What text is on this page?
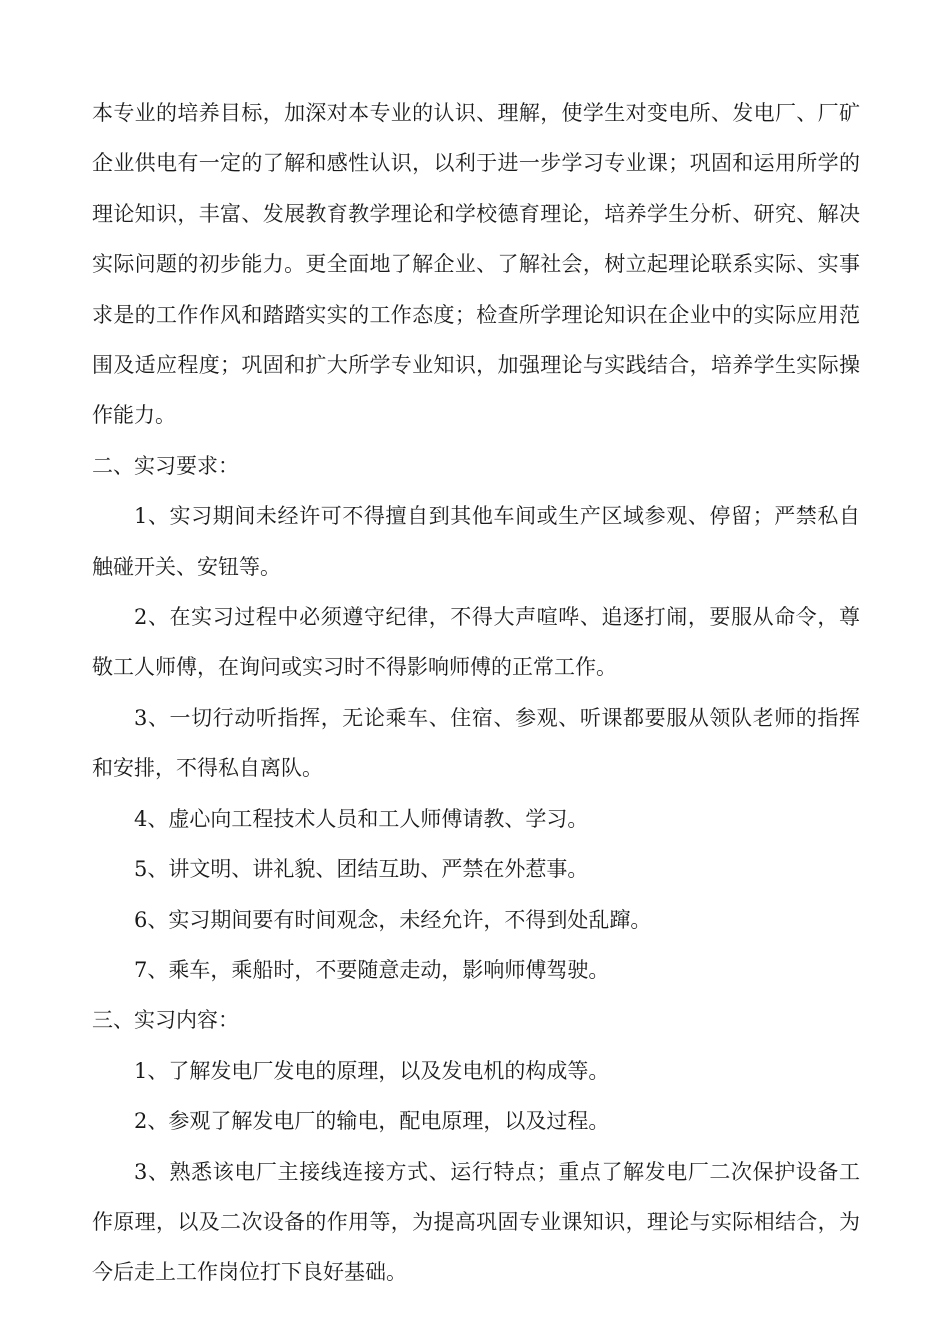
本专业的培养目标，加深对本专业的认识、理解，使学生对变电所、发电厂、厂矿企业供电有一定的了解和感性认识，以利于进一步学习专业课；巩固和运用所学的理论知识，丰富、发展教育教学理论和学校德育理论，培养学生分析、研究、解决实际问题的初步能力。更全面地了解企业、了解社会，树立起理论联系实际、实事求是的工作作风和踏踏实实的工作态度；检查所学理论知识在企业中的实际应用范围及适应程度；巩固和扩大所学专业知识，加强理论与实践结合，培养学生实际操作能力。

二、实习要求：

1、实习期间未经许可不得擅自到其他车间或生产区域参观、停留；严禁私自触碰开关、安钮等。

2、在实习过程中必须遵守纪律，不得大声喧哗、追逐打闹，要服从命令，尊敬工人师傅，在询问或实习时不得影响师傅的正常工作。

3、一切行动听指挥，无论乘车、住宿、参观、听课都要服从领队老师的指挥和安排，不得私自离队。

4、虚心向工程技术人员和工人师傅请教、学习。

5、讲文明、讲礼貌、团结互助、严禁在外惹事。

6、实习期间要有时间观念，未经允许，不得到处乱蹿。

7、乘车，乘船时，不要随意走动，影响师傅驾驶。

三、实习内容：

1、了解发电厂发电的原理，以及发电机的构成等。

2、参观了解发电厂的输电，配电原理，以及过程。

3、熟悉该电厂主接线连接方式、运行特点；重点了解发电厂二次保护设备工作原理，以及二次设备的作用等，为提高巩固专业课知识，理论与实际相结合，为今后走上工作岗位打下良好基础。
